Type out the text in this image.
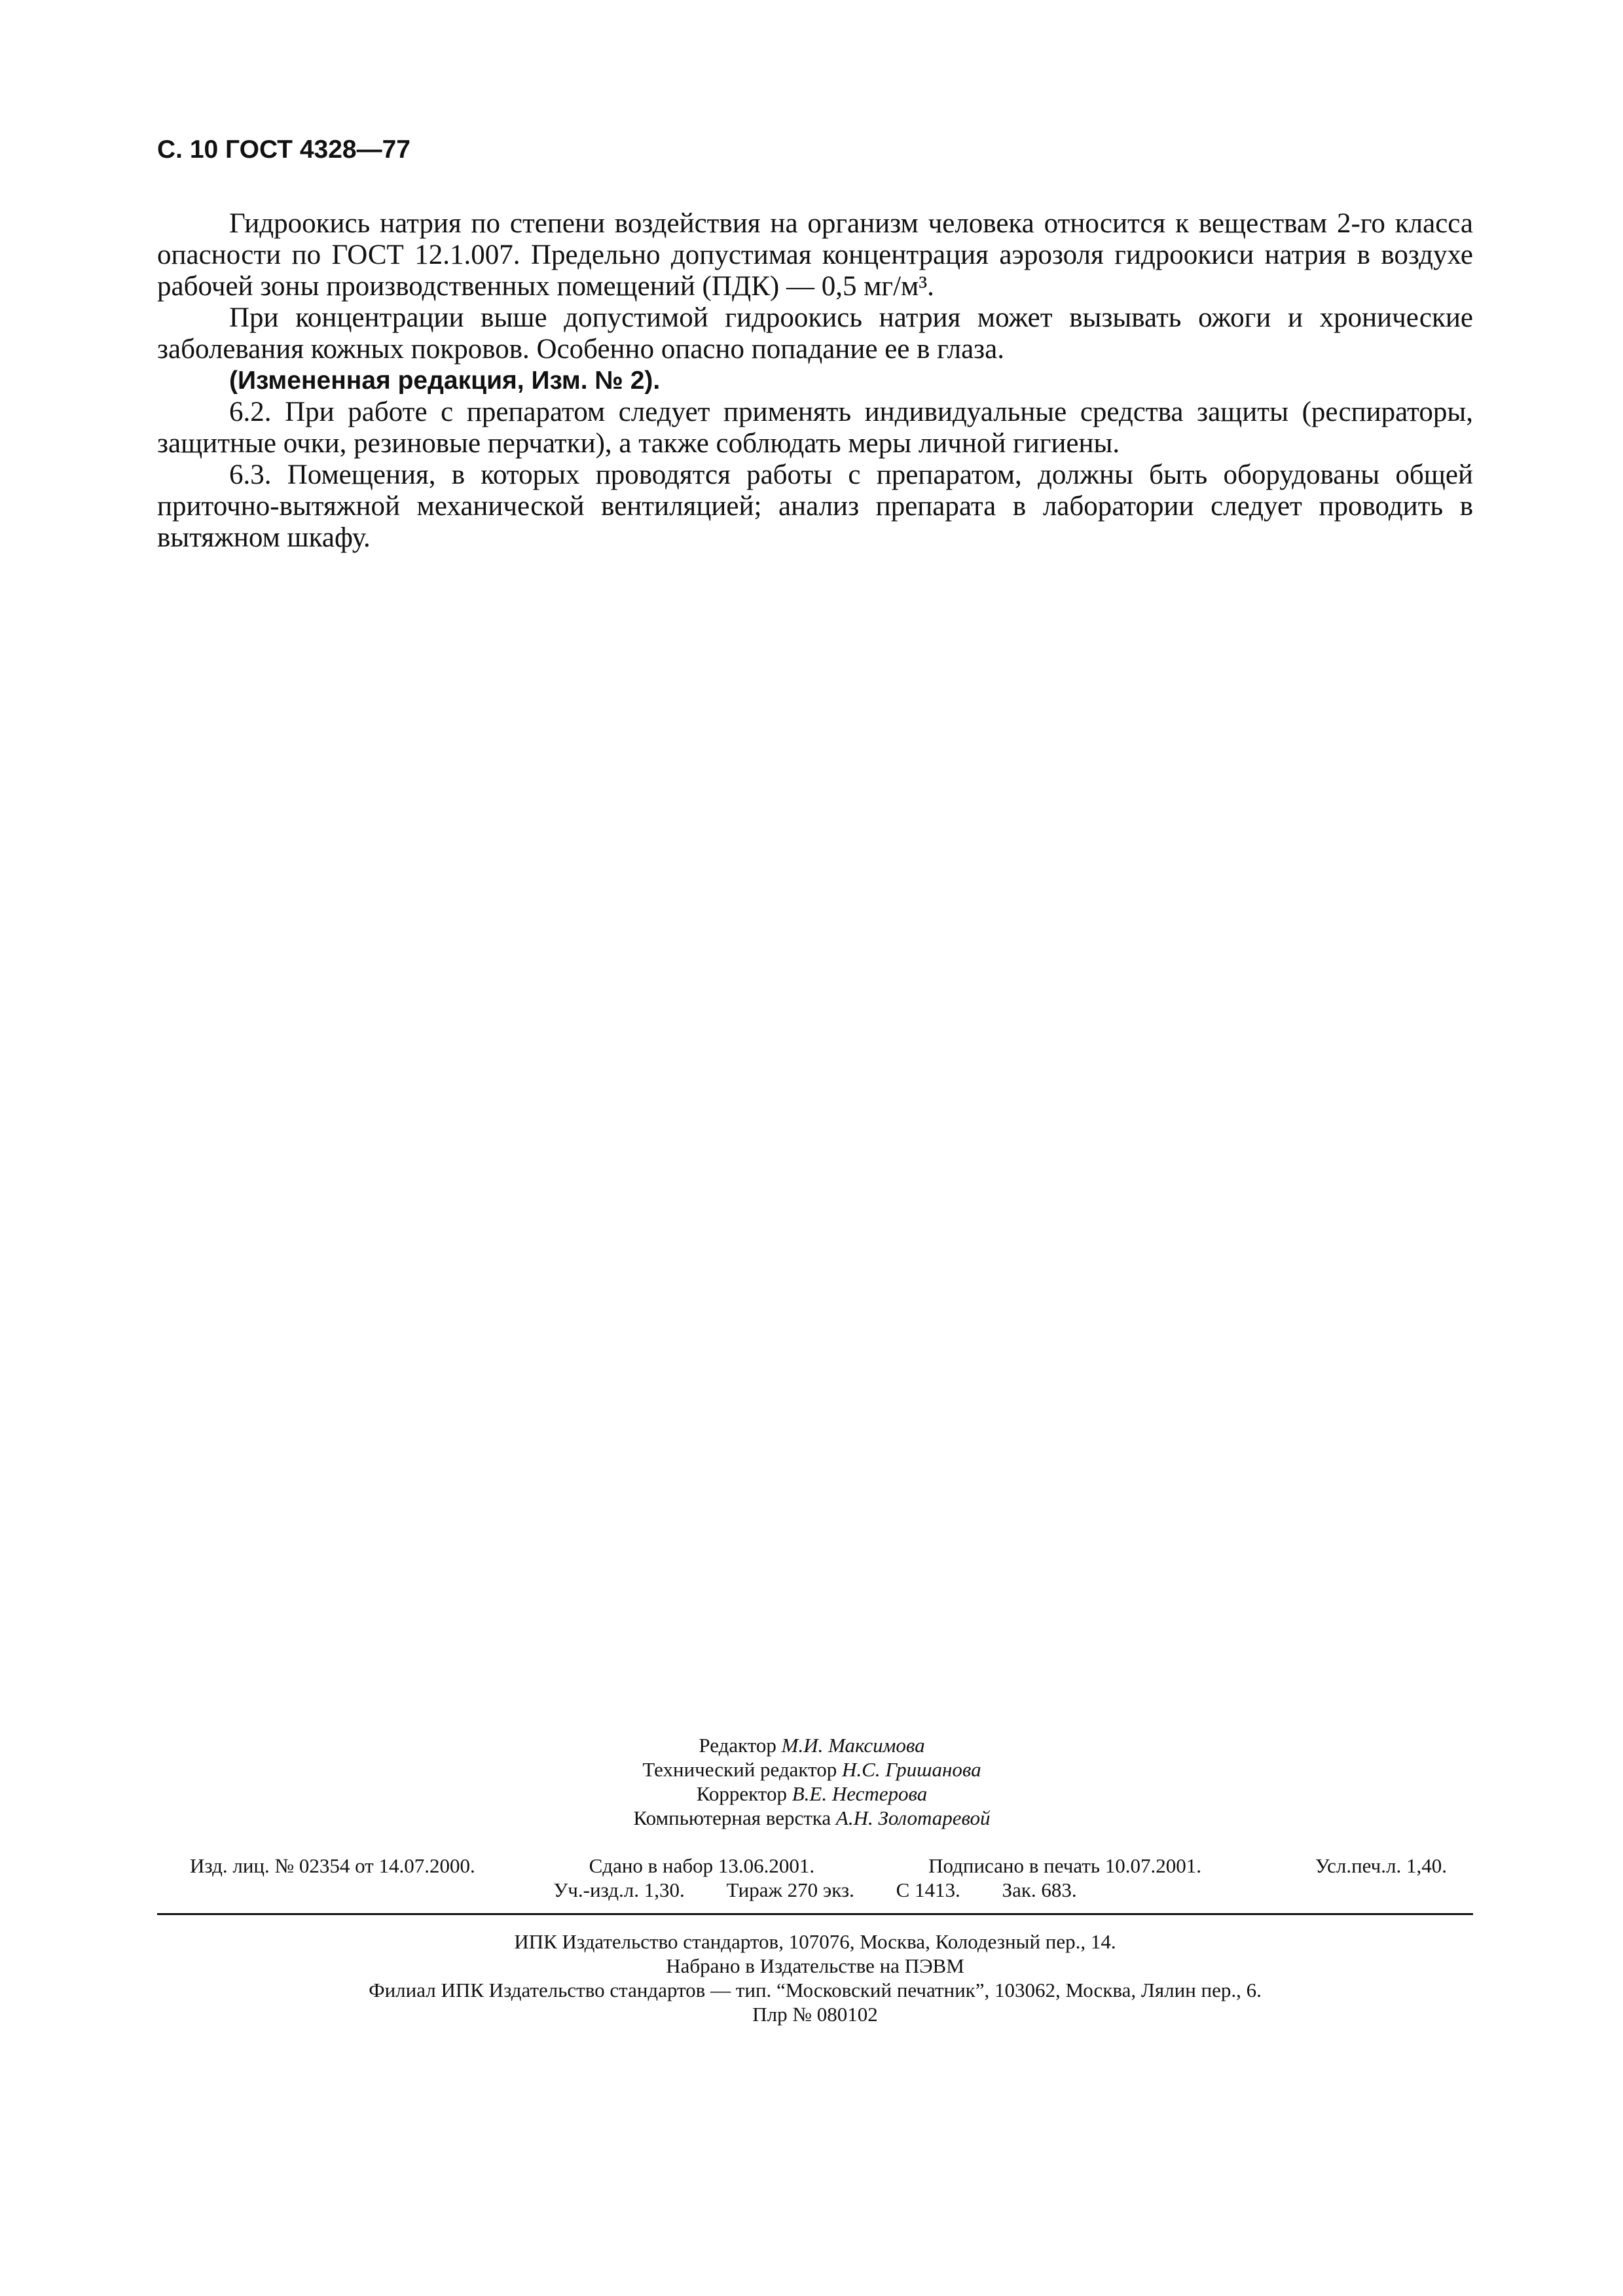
С. 10 ГОСТ 4328—77

Гидроокись натрия по степени воздействия на организм человека относится к веществам 2-го класса опасности по ГОСТ 12.1.007. Предельно допустимая концентрация аэрозоля гидроокиси натрия в воздухе рабочей зоны производственных помещений (ПДК) — 0,5 мг/м³.

При концентрации выше допустимой гидроокись натрия может вызывать ожоги и хронические заболевания кожных покровов. Особенно опасно попадание ее в глаза.

(Измененная редакция, Изм. № 2).

6.2. При работе с препаратом следует применять индивидуальные средства защиты (респираторы, защитные очки, резиновые перчатки), а также соблюдать меры личной гигиены.

6.3. Помещения, в которых проводятся работы с препаратом, должны быть оборудованы общей приточно-вытяжной механической вентиляцией; анализ препарата в лаборатории следует проводить в вытяжном шкафу.

Редактор М.И. Максимова
Технический редактор Н.С. Гришанова
Корректор В.Е. Нестерова
Компьютерная верстка А.Н. Золотаревой
Изд. лиц. № 02354 от 14.07.2000.	Сдано в набор 13.06.2001.	Подписано в печать 10.07.2001.	Усл.печ.л. 1,40.
Уч.-изд.л. 1,30. Тираж 270 экз. С 1413. Зак. 683.
ИПК Издательство стандартов, 107076, Москва, Колодезный пер., 14.
Набрано в Издательстве на ПЭВМ
Филиал ИПК Издательство стандартов — тип. “Московский печатник”, 103062, Москва, Лялин пер., 6.
Плр № 080102
